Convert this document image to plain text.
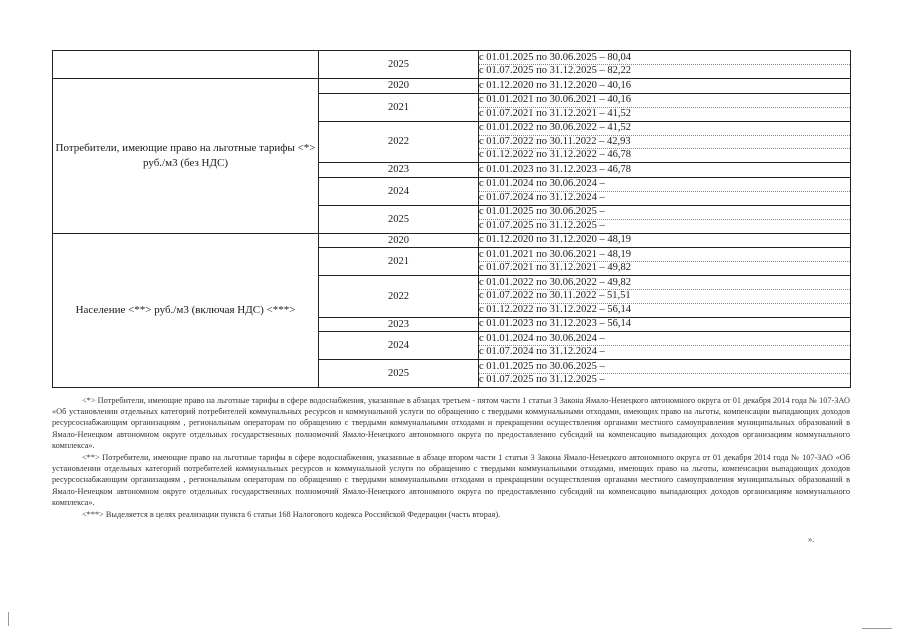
	2025	с 01.01.2025 по 30.06.2025 – 80,04
с 01.07.2025 по 31.12.2025 – 82,22

Потребители, имеющие право на льготные тарифы <*> руб./м3 (без НДС)	2020	с 01.12.2020 по 31.12.2020 – 40,16

	2021	с 01.01.2021 по 30.06.2021 – 40,16
с 01.07.2021 по 31.12.2021 – 41,52

	2022	с 01.01.2022 по 30.06.2022 – 41,52
с 01.07.2022 по 30.11.2022 – 42,93
с 01.12.2022 по 31.12.2022 – 46,78

	2023	с 01.01.2023 по 31.12.2023 – 46,78

	2024	с 01.01.2024 по 30.06.2024 –
с 01.07.2024 по 31.12.2024 –

	2025	с 01.01.2025 по 30.06.2025 –
с 01.07.2025 по 31.12.2025 –

Население <**> руб./м3 (включая НДС) <***>	2020	с 01.12.2020 по 31.12.2020 – 48,19

	2021	с 01.01.2021 по 30.06.2021 – 48,19
с 01.07.2021 по 31.12.2021 – 49,82

	2022	с 01.01.2022 по 30.06.2022 – 49,82
с 01.07.2022 по 30.11.2022 – 51,51
с 01.12.2022 по 31.12.2022 – 56,14

	2023	с 01.01.2023 по 31.12.2023 – 56,14

	2024	с 01.01.2024 по 30.06.2024 –
с 01.07.2024 по 31.12.2024 –

	2025	с 01.01.2025 по 30.06.2025 –
с 01.07.2025 по 31.12.2025 –

<*> Потребители, имеющие право на льготные тарифы в сфере водоснабжения, указанные в абзацах третьем - пятом части 1 статьи 3 Закона Ямало-Ненецкого автономного округа от 01 декабря 2014 года № 107-ЗАО «Об установлении отдельных категорий потребителей коммунальных ресурсов и коммунальной услуги по обращению с твердыми коммунальными отходами, имеющих право на льготы, компенсации выпадающих доходов ресурсоснабжающим организациям , региональным операторам по обращению с твердыми коммунальными отходами и прекращении осуществления органами местного самоуправления муниципальных образований в Ямало-Ненецком автономном округе отдельных государственных полномочий Ямало-Ненецкого автономного округа по предоставлению субсидий на компенсацию выпадающих доходов организациям коммунального комплекса».

<**> Потребители, имеющие право на льготные тарифы в сфере водоснабжения, указанные в абзаце втором части 1 статьи 3 Закона Ямало-Ненецкого автономного округа от 01 декабря 2014 года № 107-ЗАО «Об установлении отдельных категорий потребителей коммунальных ресурсов и коммунальной услуги по обращению с твердыми коммунальными отходами, имеющих право на льготы, компенсации выпадающих доходов ресурсоснабжающим организациям , региональным операторам по обращению с твердыми коммунальными отходами и прекращении осуществления органами местного самоуправления муниципальных образований в Ямало-Ненецком автономном округе отдельных государственных полномочий Ямало-Ненецкого автономного округа по предоставлению субсидий на компенсацию выпадающих доходов организациям коммунального комплекса».

<***> Выделяется в целях реализации пункта 6 статьи 168 Налогового кодекса Российской Федерации (часть вторая).

».
